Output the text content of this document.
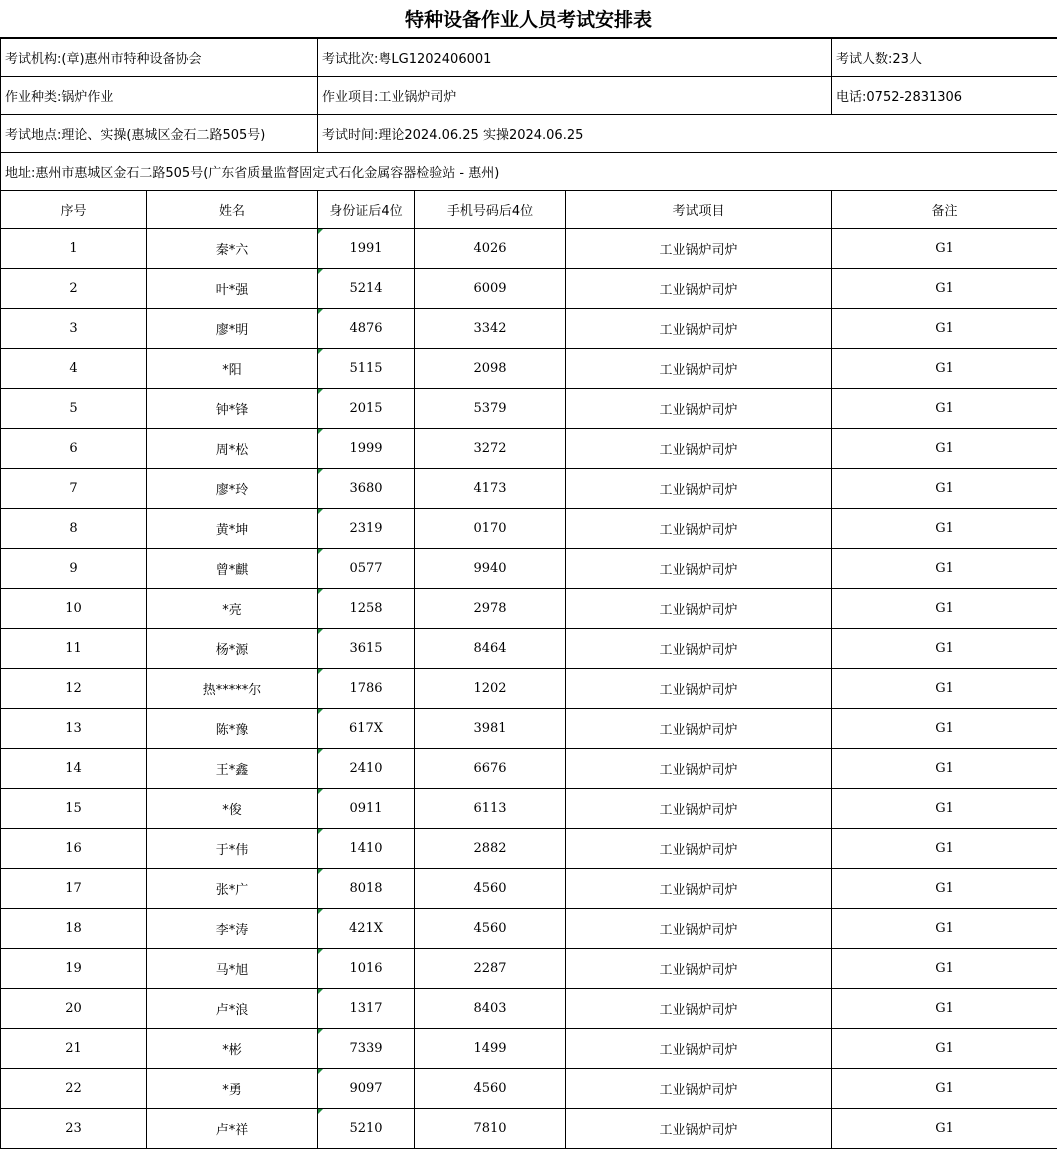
特种设备作业人员考试安排表
考试机构:(章)惠州市特种设备协会		考试批次:粤LG1202406001			考试人数:23人
作业种类:锅炉作业		作业项目:工业锅炉司炉			电话:0752-2831306
考试地点:理论、实操(惠城区金石二路505号)		考试时间:理论2024.06.25 实操2024.06.25			
地址:惠州市惠城区金石二路505号(广东省质量监督固定式石化金属容器检验站 - 惠州)					
序号	姓名	身份证后4位	手机号码后4位	考试项目	备注
1	秦*六	1991	4026	工业锅炉司炉	G1
2	叶*强	5214	6009	工业锅炉司炉	G1
3	廖*明	4876	3342	工业锅炉司炉	G1
4	*阳	5115	2098	工业锅炉司炉	G1
5	钟*锋	2015	5379	工业锅炉司炉	G1
6	周*松	1999	3272	工业锅炉司炉	G1
7	廖*玲	3680	4173	工业锅炉司炉	G1
8	黄*坤	2319	0170	工业锅炉司炉	G1
9	曾*麒	0577	9940	工业锅炉司炉	G1
10	*亮	1258	2978	工业锅炉司炉	G1
11	杨*源	3615	8464	工业锅炉司炉	G1
12	热*****尔	1786	1202	工业锅炉司炉	G1
13	陈*豫	617X	3981	工业锅炉司炉	G1
14	王*鑫	2410	6676	工业锅炉司炉	G1
15	*俊	0911	6113	工业锅炉司炉	G1
16	于*伟	1410	2882	工业锅炉司炉	G1
17	张*广	8018	4560	工业锅炉司炉	G1
18	李*涛	421X	4560	工业锅炉司炉	G1
19	马*旭	1016	2287	工业锅炉司炉	G1
20	卢*浪	1317	8403	工业锅炉司炉	G1
21	*彬	7339	1499	工业锅炉司炉	G1
22	*勇	9097	4560	工业锅炉司炉	G1
23	卢*祥	5210	7810	工业锅炉司炉	G1
